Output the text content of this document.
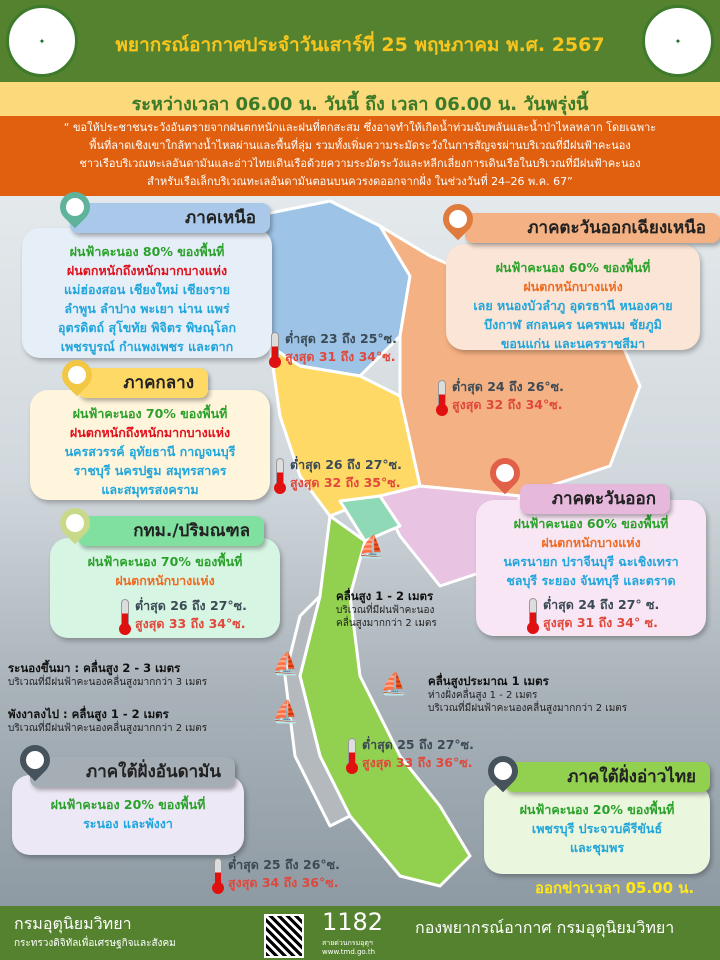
✦	✦
พยากรณ์อากาศประจำวันเสาร์ที่ 25 พฤษภาคม พ.ศ. 2567
ระหว่างเวลา 06.00 น. วันนี้ ถึง เวลา 06.00 น. วันพรุ่งนี้
“ ขอให้ประชาชนระวังอันตรายจากฝนตกหนักและฝนที่ตกสะสม ซึ่งอาจทำให้เกิดน้ำท่วมฉับพลันและน้ำป่าไหลหลาก โดยเฉพาะ
พื้นที่ลาดเชิงเขาใกล้ทางน้ำไหลผ่านและพื้นที่ลุ่ม รวมทั้งเพิ่มความระมัดระวังในการสัญจรผ่านบริเวณที่มีฝนฟ้าคะนอง
ชาวเรือบริเวณทะเลอันดามันและอ่าวไทยเดินเรือด้วยความระมัดระวังและหลีกเลี่ยงการเดินเรือในบริเวณที่มีฝนฟ้าคะนอง
สำหรับเรือเล็กบริเวณทะเลอันดามันตอนบนควรงดออกจากฝั่ง ในช่วงวันที่ 24–26 พ.ค. 67”
ฝนฟ้าคะนอง 80% ของพื้นที่
ฝนตกหนักถึงหนักมากบางแห่ง
แม่ฮ่องสอน เชียงใหม่ เชียงราย
ลำพูน ลำปาง พะเยา น่าน แพร่
อุตรดิตถ์ สุโขทัย พิจิตร พิษณุโลก
เพชรบูรณ์ กำแพงเพชร และตาก
ภาคเหนือ
ต่ำสุด 23 ถึง 25°ซ.
สูงสุด 31 ถึง 34°ซ.
ฝนฟ้าคะนอง 60% ของพื้นที่
ฝนตกหนักบางแห่ง
เลย หนองบัวลำภู อุดรธานี หนองคาย
บึงกาฬ สกลนคร นครพนม ชัยภูมิ
ขอนแก่น และนครราชสีมา
ภาคตะวันออกเฉียงเหนือ
ต่ำสุด 24 ถึง 26°ซ.
สูงสุด 32 ถึง 34°ซ.
ฝนฟ้าคะนอง 70% ของพื้นที่
ฝนตกหนักถึงหนักมากบางแห่ง
นครสวรรค์ อุทัยธานี กาญจนบุรี
ราชบุรี นครปฐม สมุทรสาคร
และสมุทรสงคราม
ภาคกลาง
ต่ำสุด 26 ถึง 27°ซ.
สูงสุด 32 ถึง 35°ซ.
ฝนฟ้าคะนอง 60% ของพื้นที่
ฝนตกหนักบางแห่ง
นครนายก ปราจีนบุรี ฉะเชิงเทรา
ชลบุรี ระยอง จันทบุรี และตราด
ภาคตะวันออก
ต่ำสุด 24 ถึง 27° ซ.
สูงสุด 31 ถึง 34° ซ.
ฝนฟ้าคะนอง 70% ของพื้นที่
ฝนตกหนักบางแห่ง
กทม./ปริมณฑล
ต่ำสุด 26 ถึง 27°ซ.
สูงสุด 33 ถึง 34°ซ.
ต่ำสุด 25 ถึง 27°ซ.
สูงสุด 33 ถึง 36°ซ.
ฝนฟ้าคะนอง 20% ของพื้นที่
ระนอง และพังงา
ภาคใต้ฝั่งอันดามัน
ต่ำสุด 25 ถึง 26°ซ.
สูงสุด 34 ถึง 36°ซ.
ฝนฟ้าคะนอง 20% ของพื้นที่
เพชรบุรี ประจวบคีรีขันธ์
และชุมพร
ภาคใต้ฝั่งอ่าวไทย
⛵
คลื่นสูง 1 - 2 เมตร
บริเวณที่มีฝนฟ้าคะนอง
คลื่นสูงมากกว่า 2 เมตร
⛵ คลื่นสูงประมาณ 1 เมตร
ห่างฝั่งคลื่นสูง 1 - 2 เมตร
บริเวณที่มีฝนฟ้าคะนองคลื่นสูงมากกว่า 2 เมตร
ระนองขึ้นมา : คลื่นสูง 2 - 3 เมตร
บริเวณที่มีฝนฟ้าคะนองคลื่นสูงมากกว่า 3 เมตร
⛵
พังงาลงไป : คลื่นสูง 1 - 2 เมตร
บริเวณที่มีฝนฟ้าคะนองคลื่นสูงมากกว่า 2 เมตร
⛵
ออกข่าวเวลา 05.00 น.
กรมอุตุนิยมวิทยา
กระทรวงดิจิทัลเพื่อเศรษฐกิจและสังคม
1182
สายด่วนกรมอุตุฯ
www.tmd.go.th
กองพยากรณ์อากาศ กรมอุตุนิยมวิทยา
